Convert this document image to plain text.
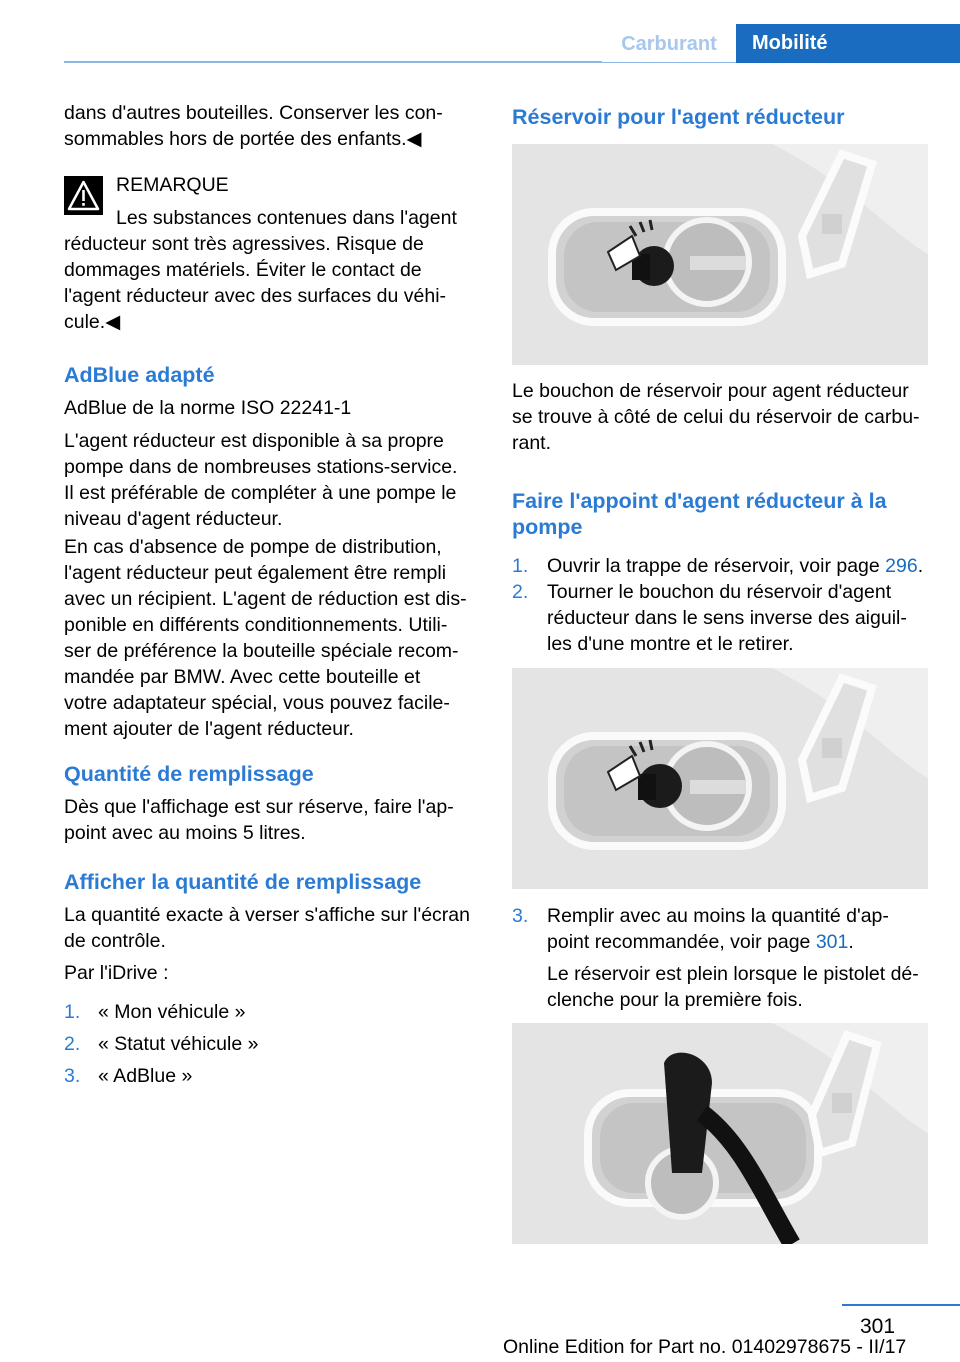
Carburant	Mobilité
dans d'autres bouteilles. Conserver les con‐
sommables hors de portée des enfants.◀
REMARQUE
Les substances contenues dans l'agent
réducteur sont très agressives. Risque de
dommages matériels. Éviter le contact de
l'agent réducteur avec des surfaces du véhi‐
cule.◀
AdBlue adapté
AdBlue de la norme ISO 22241‑1
L'agent réducteur est disponible à sa propre
pompe dans de nombreuses stations-service.
Il est préférable de compléter à une pompe le
niveau d'agent réducteur.
En cas d'absence de pompe de distribution,
l'agent réducteur peut également être rempli
avec un récipient. L'agent de réduction est dis‐
ponible en différents conditionnements. Utili‐
ser de préférence la bouteille spéciale recom‐
mandée par BMW. Avec cette bouteille et
votre adaptateur spécial, vous pouvez facile‐
ment ajouter de l'agent réducteur.
Quantité de remplissage
Dès que l'affichage est sur réserve, faire l'ap‐
point avec au moins 5 litres.
Afficher la quantité de remplissage
La quantité exacte à verser s'affiche sur l'écran
de contrôle.
Par l'iDrive :
1. « Mon véhicule »
2. « Statut véhicule »
3. « AdBlue »
Réservoir pour l'agent réducteur
Le bouchon de réservoir pour agent réducteur
se trouve à côté de celui du réservoir de carbu‐
rant.
Faire l'appoint d'agent réducteur à la
pompe
1. Ouvrir la trappe de réservoir, voir page 296.
2. Tourner le bouchon du réservoir d'agent
réducteur dans le sens inverse des aiguil‐
les d'une montre et le retirer.
3. Remplir avec au moins la quantité d'ap‐
point recommandée, voir page 301.
Le réservoir est plein lorsque le pistolet dé‐
clenche pour la première fois.
301
Online Edition for Part no. 01402978675 - II/17
